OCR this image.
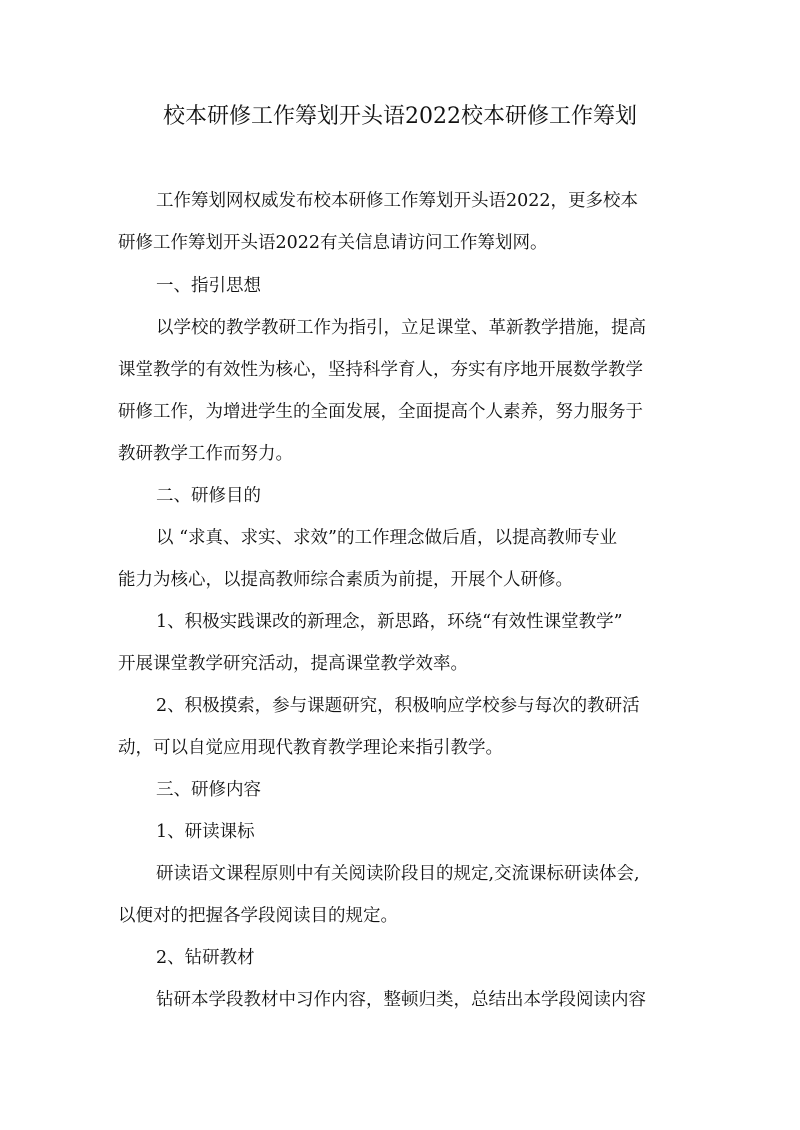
校本研修工作筹划开头语2022校本研修工作筹划

工作筹划网权威发布校本研修工作筹划开头语2022，更多校本

研修工作筹划开头语2022有关信息请访问工作筹划网。

一、指引思想

以学校的教学教研工作为指引，立足课堂、革新教学措施，提高

课堂教学的有效性为核心，坚持科学育人，夯实有序地开展数学教学

研修工作，为增进学生的全面发展，全面提高个人素养，努力服务于

教研教学工作而努力。

二、研修目的

以 “求真、求实、求效”的工作理念做后盾，以提高教师专业

能力为核心，以提高教师综合素质为前提，开展个人研修。

1、积极实践课改的新理念，新思路，环绕“有效性课堂教学”

开展课堂教学研究活动，提高课堂教学效率。

2、积极摸索，参与课题研究，积极响应学校参与每次的教研活

动，可以自觉应用现代教育教学理论来指引教学。

三、研修内容

1、研读课标

研读语文课程原则中有关阅读阶段目的规定,交流课标研读体会,

以便对的把握各学段阅读目的规定。

2、钻研教材

钻研本学段教材中习作内容，整顿归类，总结出本学段阅读内容
